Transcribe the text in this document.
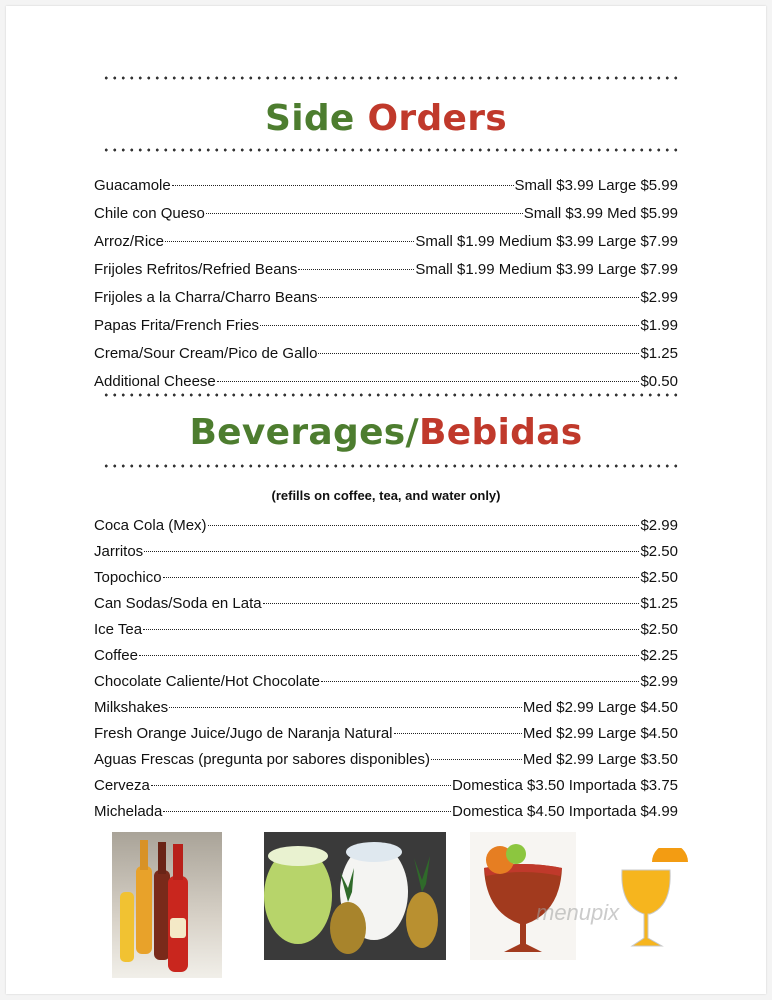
Side Orders
Guacamole	Small $3.99 Large $5.99
Chile con Queso	Small $3.99 Med $5.99
Arroz/Rice	Small $1.99 Medium $3.99 Large $7.99
Frijoles Refritos/Refried Beans	Small $1.99 Medium $3.99 Large $7.99
Frijoles a la Charra/Charro Beans	$2.99
Papas Frita/French Fries	$1.99
Crema/Sour Cream/Pico de Gallo	$1.25
Additional Cheese	$0.50
Beverages/Bebidas
(refills on coffee, tea, and water only)
Coca Cola (Mex)	$2.99
Jarritos	$2.50
Topochico	$2.50
Can Sodas/Soda en Lata	$1.25
Ice Tea	$2.50
Coffee	$2.25
Chocolate Caliente/Hot Chocolate	$2.99
Milkshakes	Med $2.99 Large $4.50
Fresh Orange Juice/Jugo de Naranja Natural	Med $2.99 Large $4.50
Aguas Frescas (pregunta por sabores disponibles)	Med $2.99 Large $3.50
Cerveza	Domestica $3.50 Importada $3.75
Michelada	Domestica $4.50 Importada $4.99
menupix
